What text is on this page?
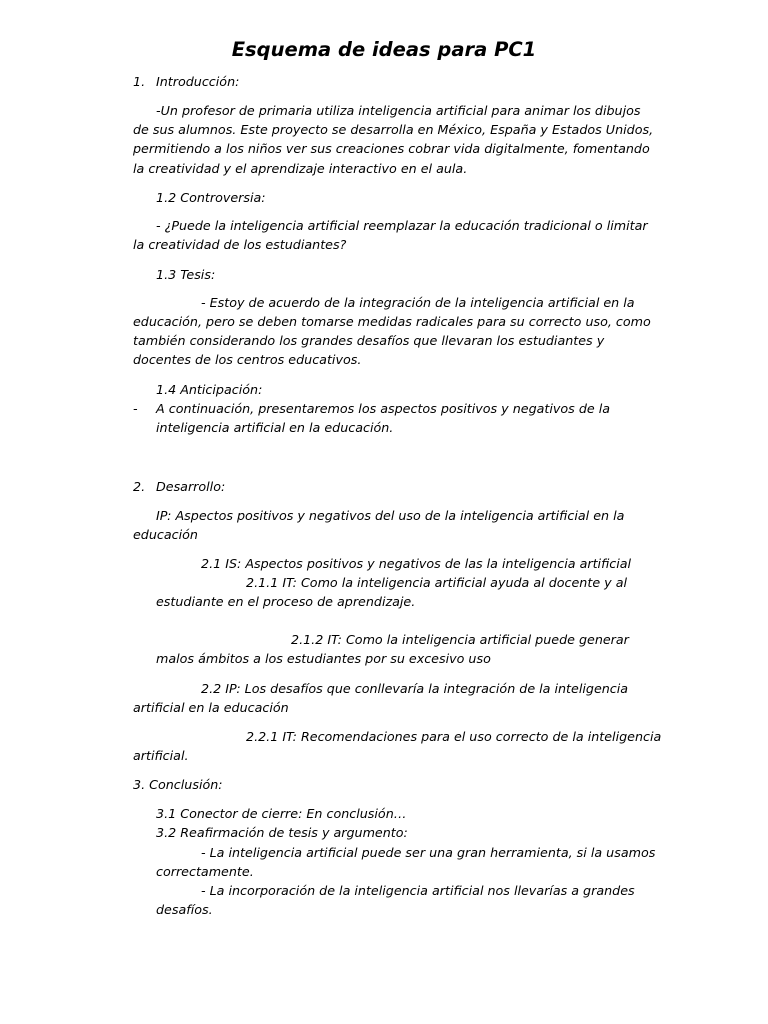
Esquema de ideas para PC1
1. Introducción:

-Un profesor de primaria utiliza inteligencia artificial para animar los dibujos de sus alumnos. Este proyecto se desarrolla en México, España y Estados Unidos, permitiendo a los niños ver sus creaciones cobrar vida digitalmente, fomentando la creatividad y el aprendizaje interactivo en el aula.

1.2 Controversia:

- ¿Puede la inteligencia artificial reemplazar la educación tradicional o limitar la creatividad de los estudiantes?

1.3 Tesis:
- Estoy de acuerdo de la integración de la inteligencia artificial en la

educación, pero se deben tomarse medidas radicales para su correcto uso, como también considerando los grandes desafíos que llevaran los estudiantes y docentes de los centros educativos.

1.4 Anticipación:
- A continuación, presentaremos los aspectos positivos y negativos de la inteligencia artificial en la educación.

2. Desarrollo:
IP: Aspectos positivos y negativos del uso de la inteligencia artificial en la
educación
2.1 IS: Aspectos positivos y negativos de las la inteligencia artificial
2.1.1 IT: Como la inteligencia artificial ayuda al docente y al
estudiante en el proceso de aprendizaje.
2.1.2 IT: Como la inteligencia artificial puede generar
malos ámbitos a los estudiantes por su excesivo uso
2.2 IP: Los desafíos que conllevaría la integración de la inteligencia
artificial en la educación
2.2.1 IT: Recomendaciones para el uso correcto de la inteligencia
artificial.
3. Conclusión:
3.1 Conector de cierre: En conclusión…
3.2 Reafirmación de tesis y argumento:
- La inteligencia artificial puede ser una gran herramienta, si la usamos
correctamente.
- La incorporación de la inteligencia artificial nos llevarías a grandes
desafíos.
